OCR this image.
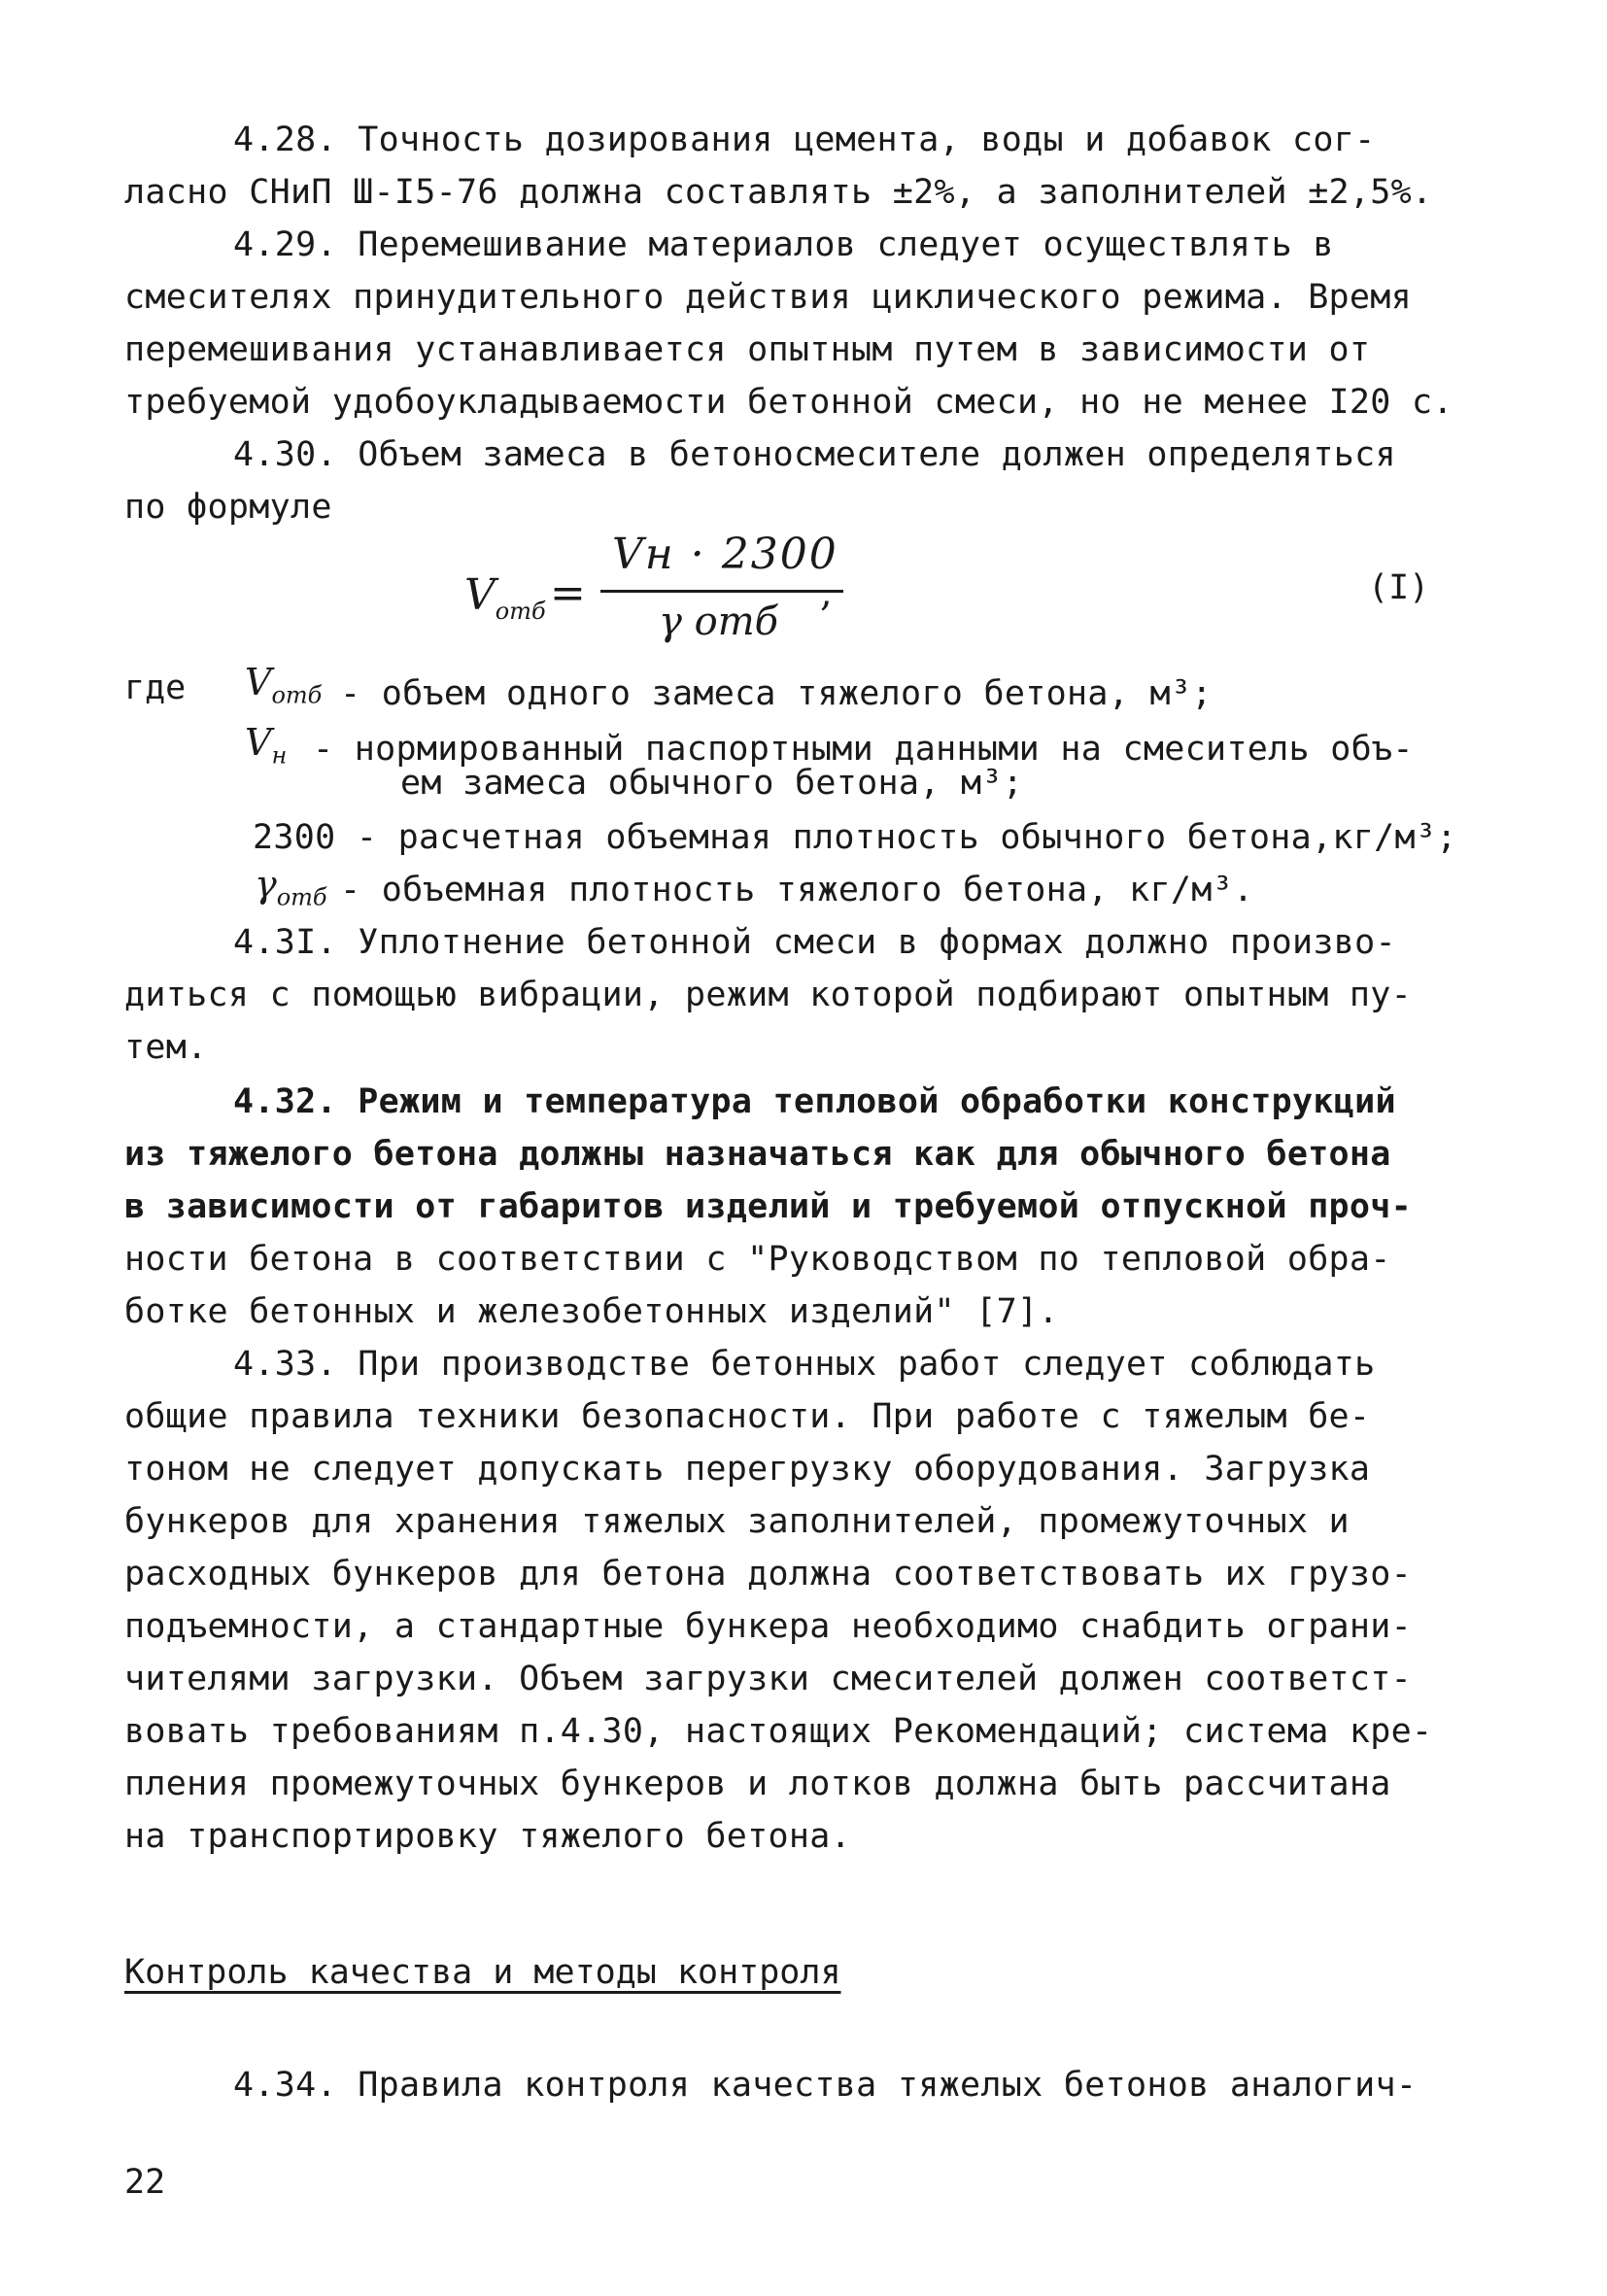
4.28. Точность дозирования цемента, воды и добавок сог-
ласно СНиП Ш-I5-76 должна составлять ±2%, а заполнителей ±2,5%.
4.29. Перемешивание материалов следует осуществлять в
смесителях принудительного действия циклического режима. Время
перемешивания устанавливается опытным путем в зависимости от
требуемой удобоукладываемости бетонной смеси, но не менее I20 с.
4.30. Объем замеса в бетоносмесителе должен определяться
по формуле
$V_{отб}$ =
Vн · 2300
γ отб
,	(I)
где $V_{отб}$ - объем одного замеса тяжелого бетона, м³;
$V_н$ - нормированный паспортными данными на смеситель объ-
ем замеса обычного бетона, м³;
2300 - расчетная объемная плотность обычного бетона,кг/м³;
$\gamma_{отб}$ - объемная плотность тяжелого бетона, кг/м³.
4.3I. Уплотнение бетонной смеси в формах должно произво-
диться с помощью вибрации, режим которой подбирают опытным пу-
тем.
4.32. Режим и температура тепловой обработки конструкций
из тяжелого бетона должны назначаться как для обычного бетона
в зависимости от габаритов изделий и требуемой отпускной проч-
ности бетона в соответствии с "Руководством по тепловой обра-
ботке бетонных и железобетонных изделий" [7].
4.33. При производстве бетонных работ следует соблюдать
общие правила техники безопасности. При работе с тяжелым бе-
тоном не следует допускать перегрузку оборудования. Загрузка
бункеров для хранения тяжелых заполнителей, промежуточных и
расходных бункеров для бетона должна соответствовать их грузо-
подъемности, а стандартные бункера необходимо снабдить ограни-
чителями загрузки. Объем загрузки смесителей должен соответст-
вовать требованиям п.4.30, настоящих Рекомендаций; система кре-
пления промежуточных бункеров и лотков должна быть рассчитана
на транспортировку тяжелого бетона.
Контроль качества и методы контроля
4.34. Правила контроля качества тяжелых бетонов аналогич-
22
